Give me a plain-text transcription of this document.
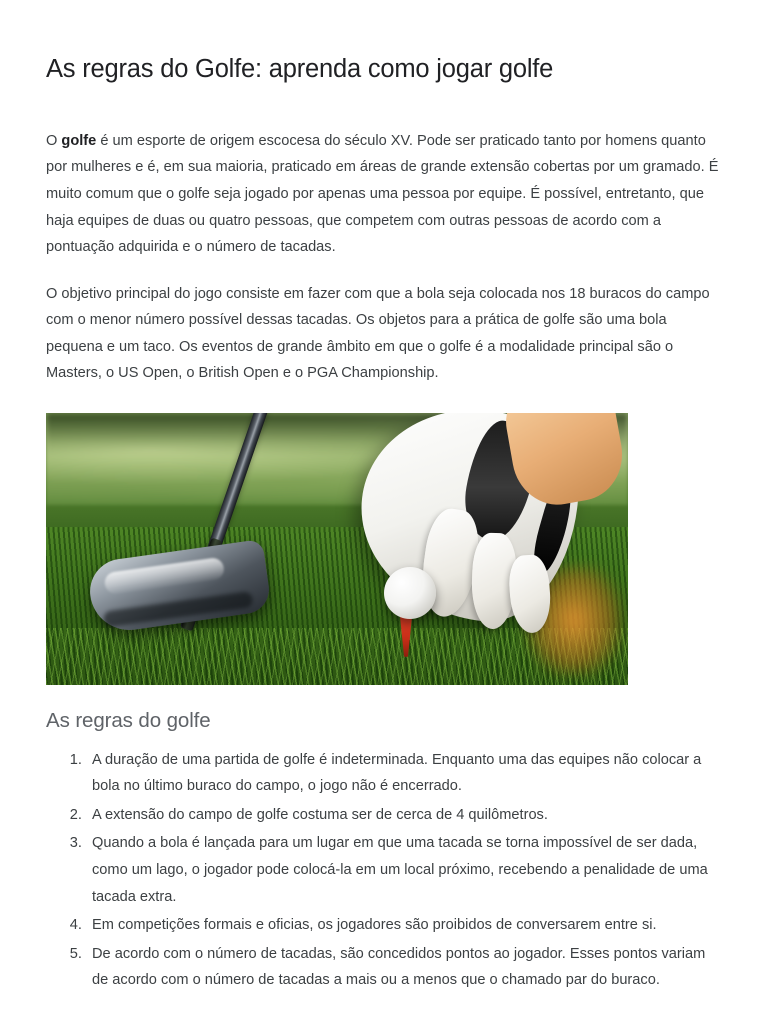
As regras do Golfe: aprenda como jogar golfe

O golfe é um esporte de origem escocesa do século XV. Pode ser praticado tanto por homens quanto por mulheres e é, em sua maioria, praticado em áreas de grande extensão cobertas por um gramado. É muito comum que o golfe seja jogado por apenas uma pessoa por equipe. É possível, entretanto, que haja equipes de duas ou quatro pessoas, que competem com outras pessoas de acordo com a pontuação adquirida e o número de tacadas.

O objetivo principal do jogo consiste em fazer com que a bola seja colocada nos 18 buracos do campo com o menor número possível dessas tacadas. Os objetos para a prática de golfe são uma bola pequena e um taco. Os eventos de grande âmbito em que o golfe é a modalidade principal são o Masters, o US Open, o British Open e o PGA Championship.

As regras do golfe
1. A duração de uma partida de golfe é indeterminada. Enquanto uma das equipes não colocar a bola no último buraco do campo, o jogo não é encerrado.
2. A extensão do campo de golfe costuma ser de cerca de 4 quilômetros.
3. Quando a bola é lançada para um lugar em que uma tacada se torna impossível de ser dada, como um lago, o jogador pode colocá-la em um local próximo, recebendo a penalidade de uma tacada extra.
4. Em competições formais e oficias, os jogadores são proibidos de conversarem entre si.
5. De acordo com o número de tacadas, são concedidos pontos ao jogador. Esses pontos variam de acordo com o número de tacadas a mais ou a menos que o chamado par do buraco.
